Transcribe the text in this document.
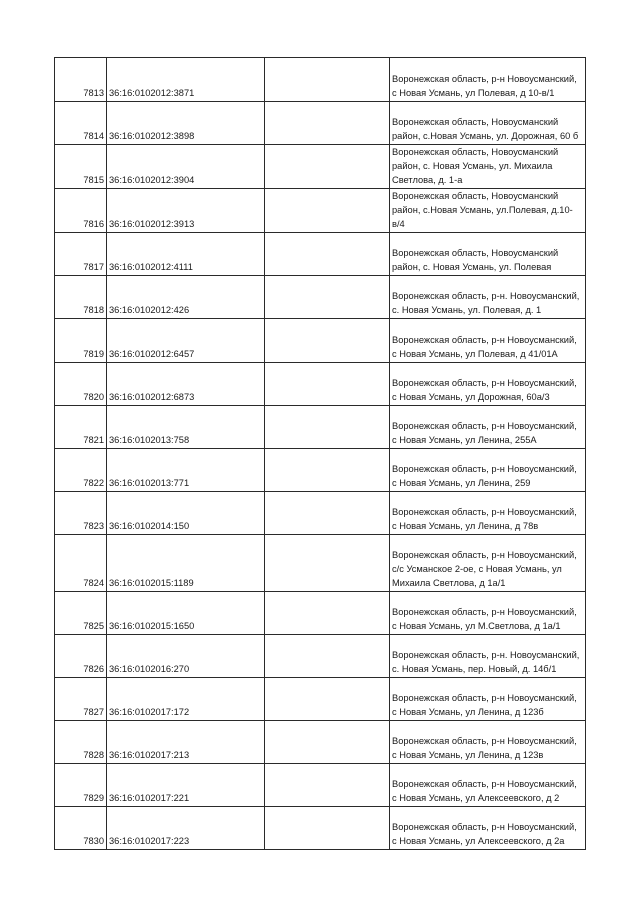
7813	36:16:0102012:3871		Воронежская область, р-н Новоусманский, с Новая Усмань, ул Полевая, д 10-в/1
7814	36:16:0102012:3898		Воронежская область, Новоусманский район, с.Новая Усмань, ул. Дорожная, 60 б
7815	36:16:0102012:3904		Воронежская область, Новоусманский район, с. Новая Усмань, ул. Михаила Светлова, д. 1-а
7816	36:16:0102012:3913		Воронежская область, Новоусманский район, с.Новая Усмань, ул.Полевая, д.10-в/4
7817	36:16:0102012:4111		Воронежская область, Новоусманский район, с. Новая Усмань, ул. Полевая
7818	36:16:0102012:426		Воронежская область, р-н. Новоусманский, с. Новая Усмань, ул. Полевая, д. 1
7819	36:16:0102012:6457		Воронежская область, р-н Новоусманский, с Новая Усмань, ул Полевая, д 41/01А
7820	36:16:0102012:6873		Воронежская область, р-н Новоусманский, с Новая Усмань, ул Дорожная, 60а/3
7821	36:16:0102013:758		Воронежская область, р-н Новоусманский, с Новая Усмань, ул Ленина, 255А
7822	36:16:0102013:771		Воронежская область, р-н Новоусманский, с Новая Усмань, ул Ленина, 259
7823	36:16:0102014:150		Воронежская область, р-н Новоусманский, с Новая Усмань, ул Ленина, д 78в
7824	36:16:0102015:1189		Воронежская область, р-н Новоусманский, с/с Усманское 2-ое, с Новая Усмань, ул Михаила Светлова, д 1а/1
7825	36:16:0102015:1650		Воронежская область, р-н Новоусманский, с Новая Усмань, ул М.Светлова, д 1а/1
7826	36:16:0102016:270		Воронежская область, р-н. Новоусманский, с. Новая Усмань, пер. Новый, д. 14б/1
7827	36:16:0102017:172		Воронежская область, р-н Новоусманский, с Новая Усмань, ул Ленина, д 123б
7828	36:16:0102017:213		Воронежская область, р-н Новоусманский, с Новая Усмань, ул Ленина, д 123в
7829	36:16:0102017:221		Воронежская область, р-н Новоусманский, с Новая Усмань, ул Алексеевского, д 2
7830	36:16:0102017:223		Воронежская область, р-н Новоусманский, с Новая Усмань, ул Алексеевского, д 2а
